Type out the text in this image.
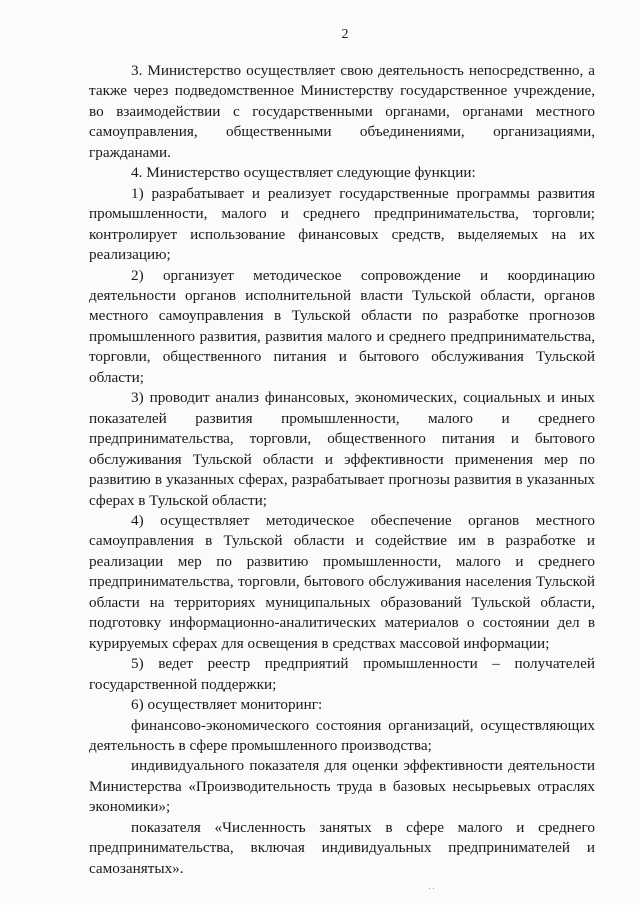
2

3. Министерство осуществляет свою деятельность непосредственно, а также через подведомственное Министерству государственное учреждение, во взаимодействии с государственными органами, органами местного самоуправления, общественными объединениями, организациями, гражданами.

4. Министерство осуществляет следующие функции:

1) разрабатывает и реализует государственные программы развития промышленности, малого и среднего предпринимательства, торговли; контролирует использование финансовых средств, выделяемых на их реализацию;

2) организует методическое сопровождение и координацию деятельности органов исполнительной власти Тульской области, органов местного самоуправления в Тульской области по разработке прогнозов промышленного развития, развития малого и среднего предпринимательства, торговли, общественного питания и бытового обслуживания Тульской области;

3) проводит анализ финансовых, экономических, социальных и иных показателей развития промышленности, малого и среднего предпринимательства, торговли, общественного питания и бытового обслуживания Тульской области и эффективности применения мер по развитию в указанных сферах, разрабатывает прогнозы развития в указанных сферах в Тульской области;

4) осуществляет методическое обеспечение органов местного самоуправления в Тульской области и содействие им в разработке и реализации мер по развитию промышленности, малого и среднего предпринимательства, торговли, бытового обслуживания населения Тульской области на территориях муниципальных образований Тульской области, подготовку информационно-аналитических материалов о состоянии дел в курируемых сферах для освещения в средствах массовой информации;

5) ведет реестр предприятий промышленности – получателей государственной поддержки;

6) осуществляет мониторинг:

финансово-экономического состояния организаций, осуществляющих деятельность в сфере промышленного производства;

индивидуального показателя для оценки эффективности деятельности Министерства «Производительность труда в базовых несырьевых отраслях экономики»;

показателя «Численность занятых в сфере малого и среднего предпринимательства, включая индивидуальных предпринимателей и самозанятых».
